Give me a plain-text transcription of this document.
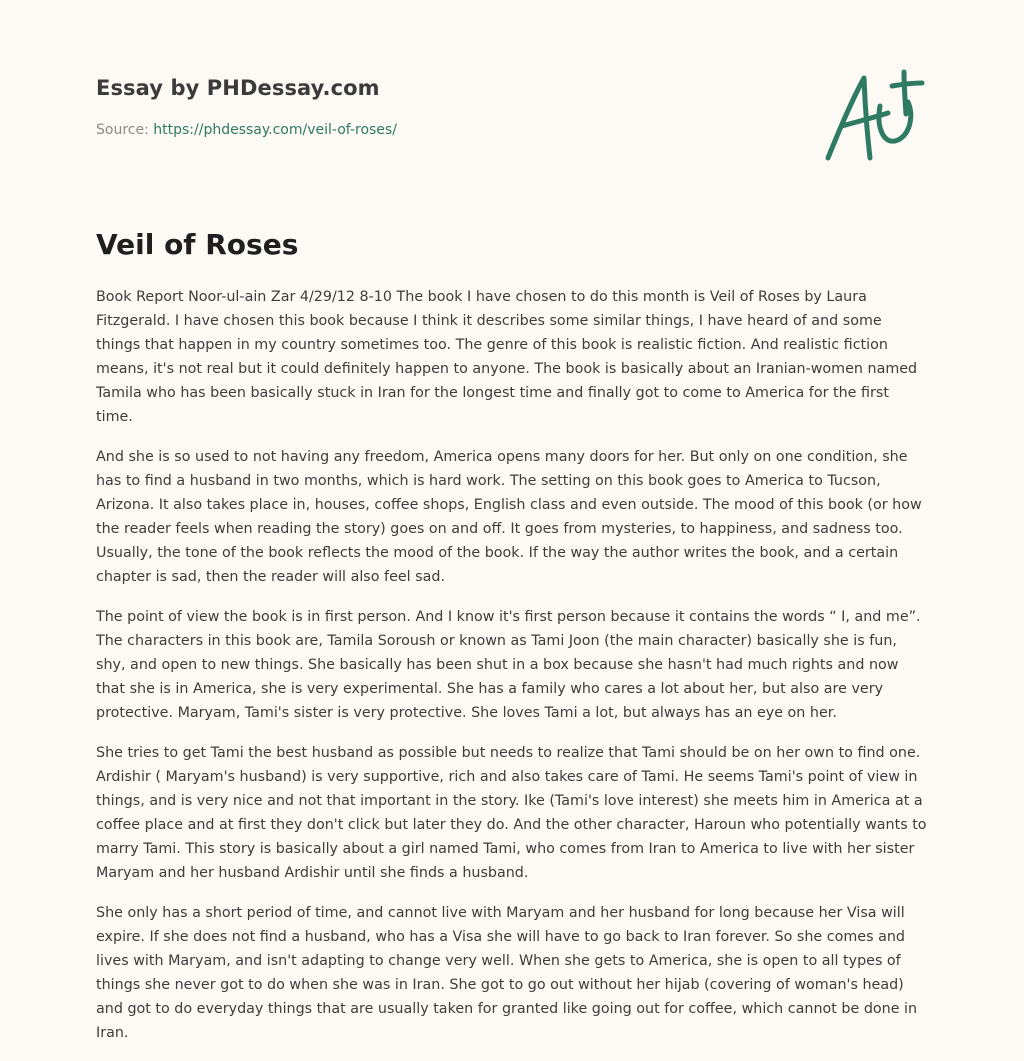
Essay by PHDessay.com
Source: https://phdessay.com/veil-of-roses/
Veil of Roses

Book Report Noor-ul-ain Zar 4/29/12 8-10 The book I have chosen to do this month is Veil of Roses by Laura Fitzgerald. I have chosen this book because I think it describes some similar things, I have heard of and some things that happen in my country sometimes too. The genre of this book is realistic fiction. And realistic fiction means, it's not real but it could definitely happen to anyone. The book is basically about an Iranian-women named Tamila who has been basically stuck in Iran for the longest time and finally got to come to America for the first time.

And she is so used to not having any freedom, America opens many doors for her. But only on one condition, she has to find a husband in two months, which is hard work. The setting on this book goes to America to Tucson, Arizona. It also takes place in, houses, coffee shops, English class and even outside. The mood of this book (or how the reader feels when reading the story) goes on and off. It goes from mysteries, to happiness, and sadness too. Usually, the tone of the book reflects the mood of the book. If the way the author writes the book, and a certain chapter is sad, then the reader will also feel sad.

The point of view the book is in first person. And I know it's first person because it contains the words “ I, and me”. The characters in this book are, Tamila Soroush or known as Tami Joon (the main character) basically she is fun, shy, and open to new things. She basically has been shut in a box because she hasn't had much rights and now that she is in America, she is very experimental. She has a family who cares a lot about her, but also are very protective. Maryam, Tami's sister is very protective. She loves Tami a lot, but always has an eye on her.

She tries to get Tami the best husband as possible but needs to realize that Tami should be on her own to find one. Ardishir ( Maryam's husband) is very supportive, rich and also takes care of Tami. He seems Tami's point of view in things, and is very nice and not that important in the story. Ike (Tami's love interest) she meets him in America at a coffee place and at first they don't click but later they do. And the other character, Haroun who potentially wants to marry Tami. This story is basically about a girl named Tami, who comes from Iran to America to live with her sister Maryam and her husband Ardishir until she finds a husband.

She only has a short period of time, and cannot live with Maryam and her husband for long because her Visa will expire. If she does not find a husband, who has a Visa she will have to go back to Iran forever. So she comes and lives with Maryam, and isn't adapting to change very well. When she gets to America, she is open to all types of things she never got to do when she was in Iran. She got to go out without her hijab (covering of woman's head) and got to do everyday things that are usually taken for granted like going out for coffee, which cannot be done in Iran.
